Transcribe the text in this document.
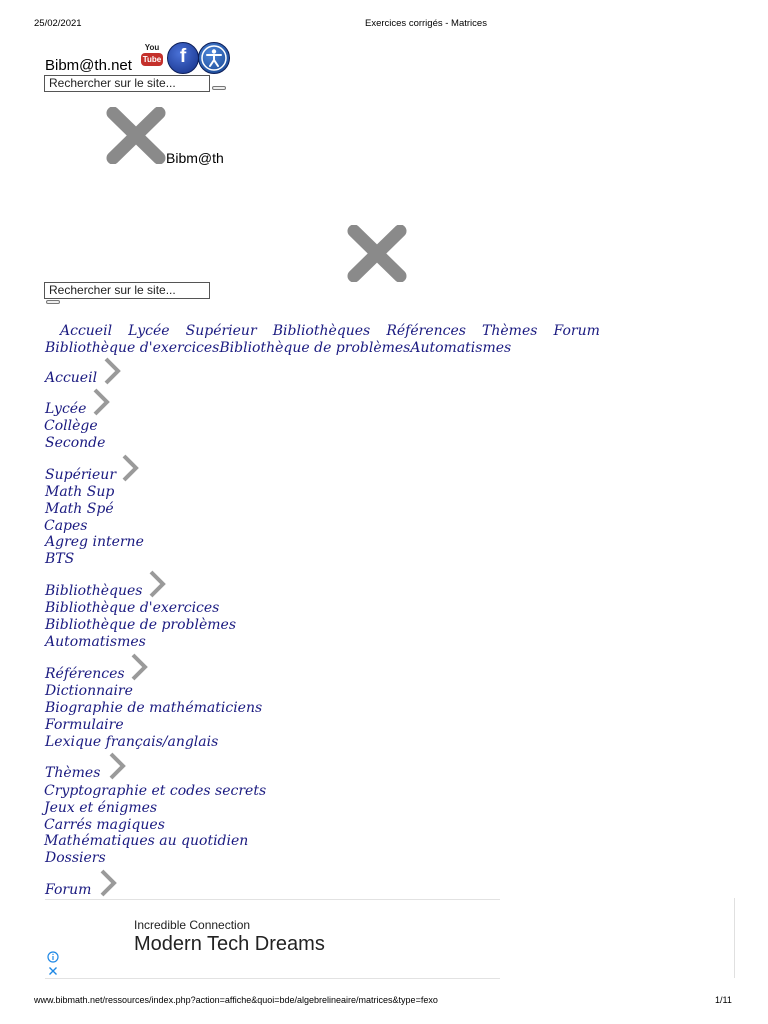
25/02/2021	Exercices corrigés - Matrices
Bibm@th.net
You
Tube f
Rechercher sur le site...
Bibm@th
Rechercher sur le site...
Accueil Lycée Supérieur Bibliothèques Références Thèmes Forum
Bibliothèque d'exercicesBibliothèque de problèmesAutomatismes
Accueil
Lycée
Collège
Seconde
Supérieur
Math Sup
Math Spé
Capes
Agreg interne
BTS
Bibliothèques
Bibliothèque d'exercices
Bibliothèque de problèmes
Automatismes
Références
Dictionnaire
Biographie de mathématiciens
Formulaire
Lexique français/anglais
Thèmes
Cryptographie et codes secrets
Jeux et énigmes
Carrés magiques
Mathématiques au quotidien
Dossiers
Forum
Incredible Connection
Modern Tech Dreams
www.bibmath.net/ressources/index.php?action=affiche&quoi=bde/algebrelineaire/matrices&type=fexo	1/11
